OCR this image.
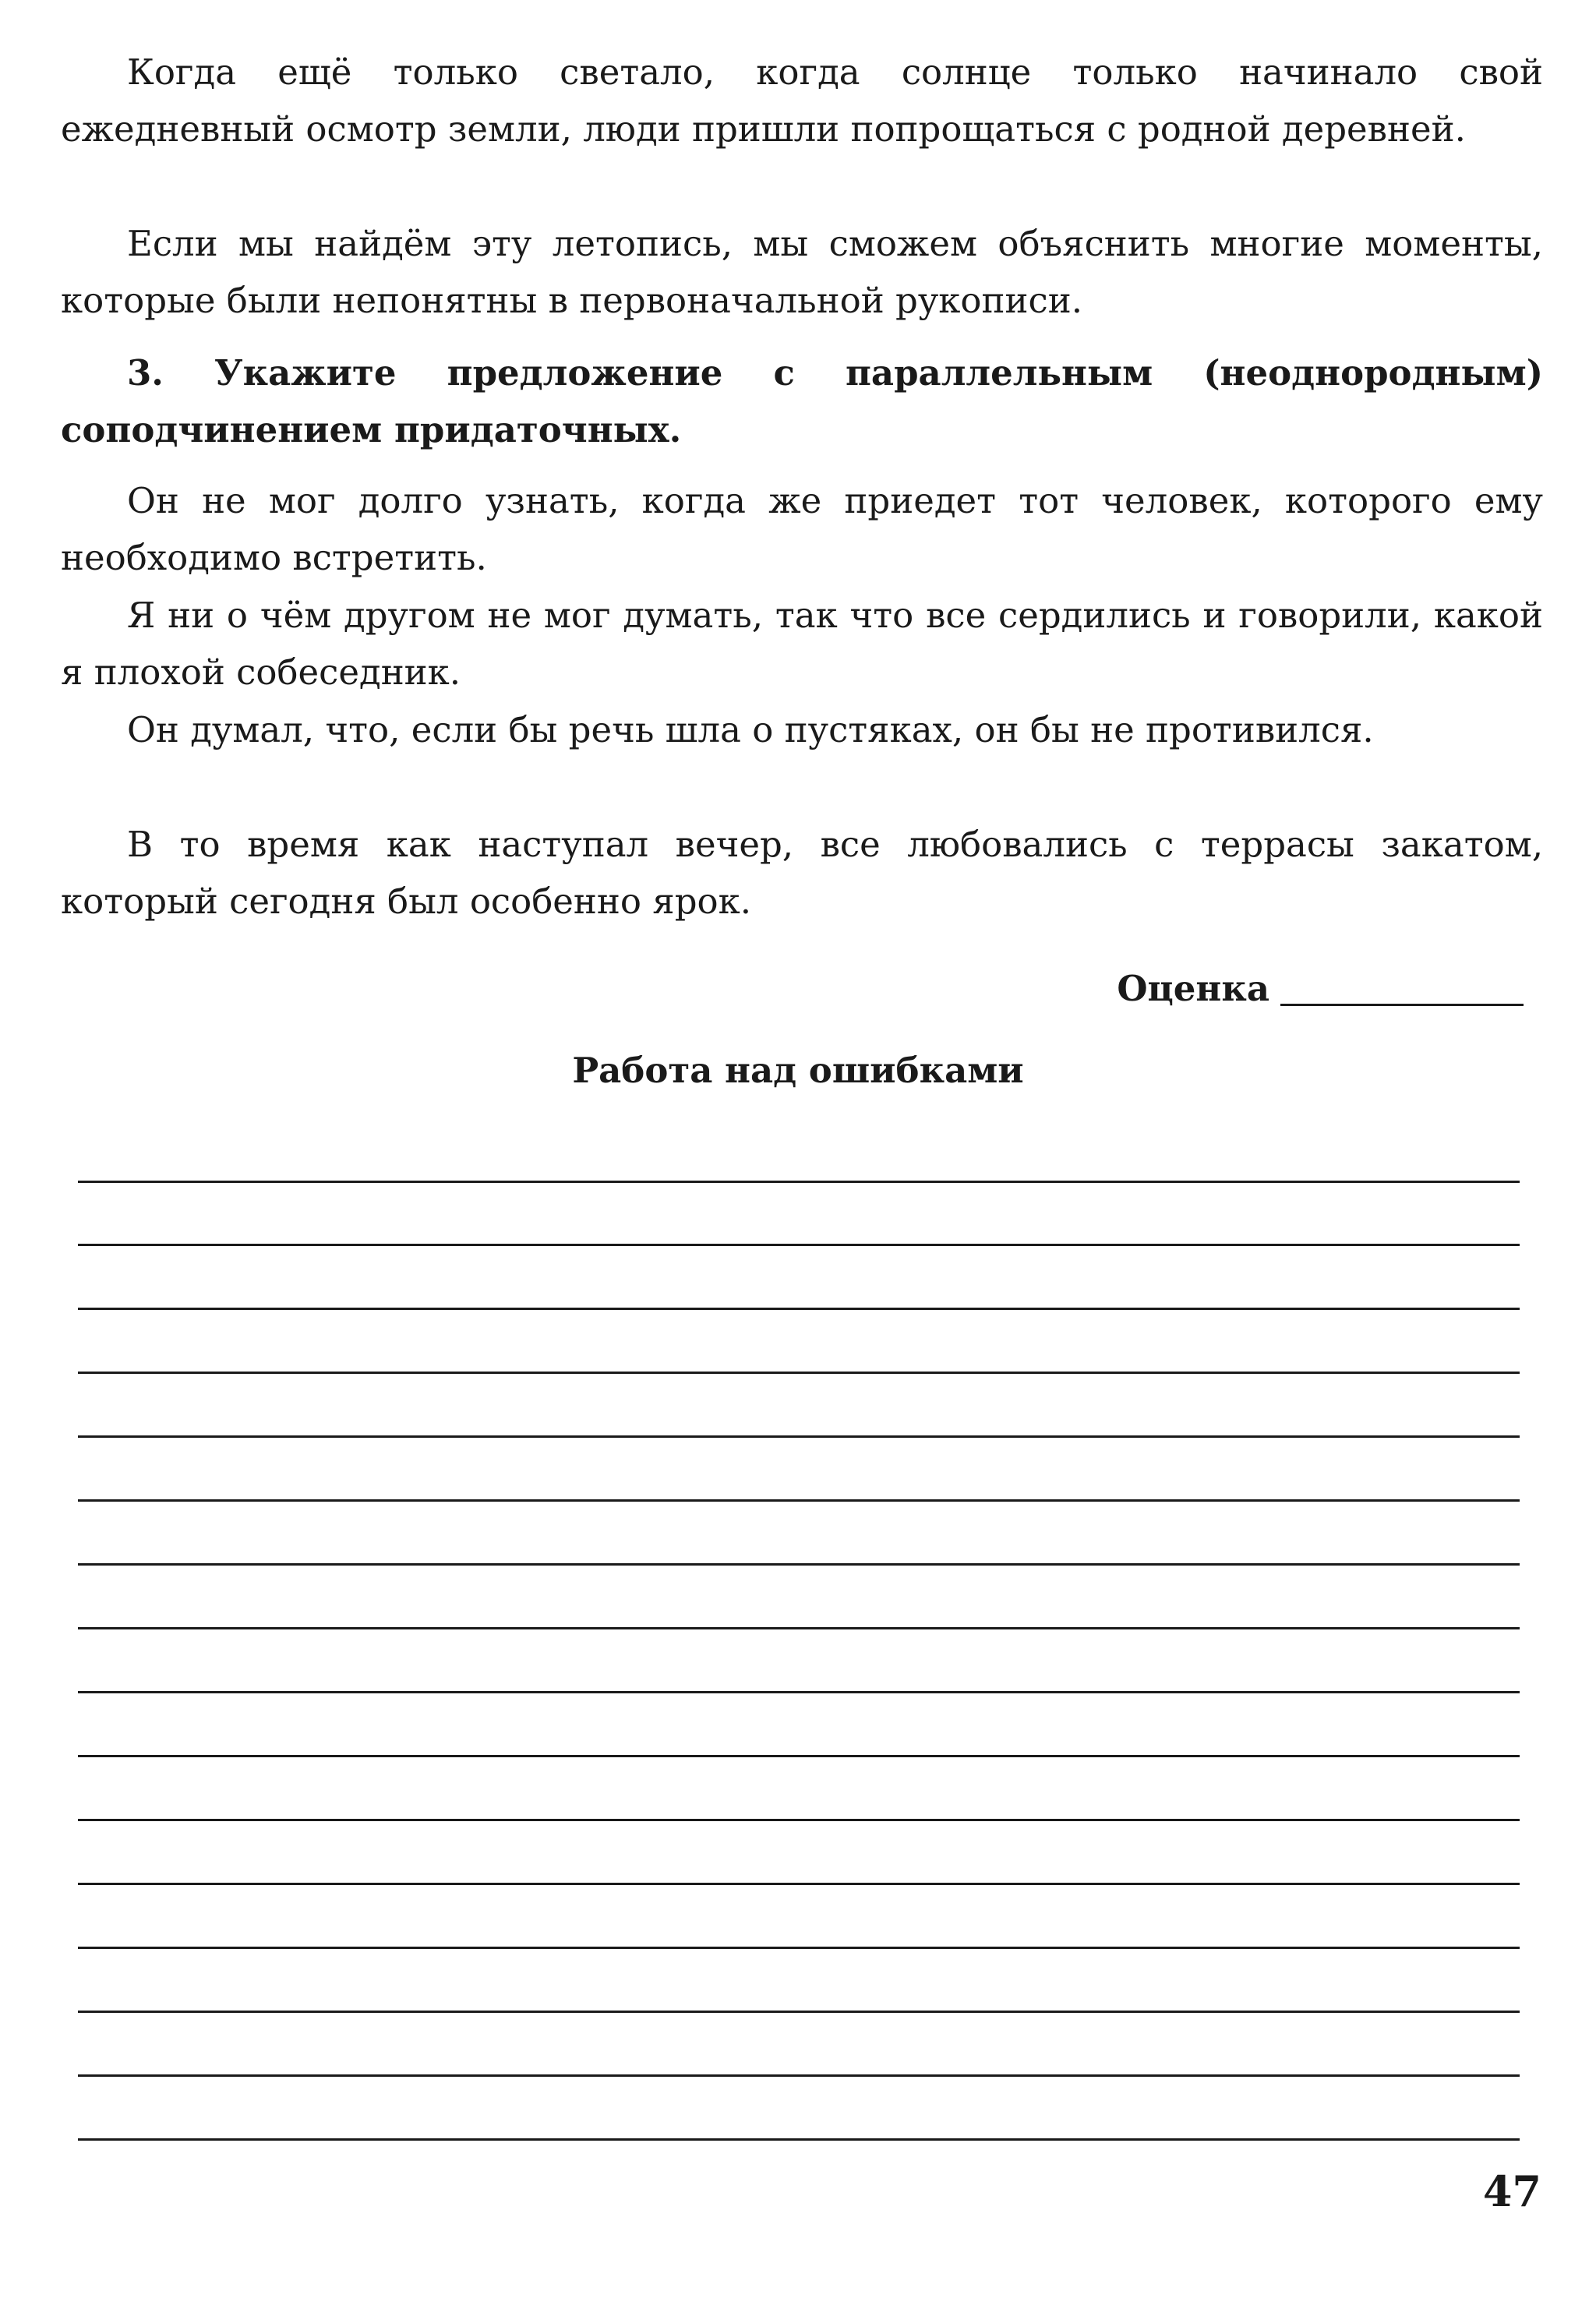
Когда ещё только светало, когда солнце только начинало свой ежедневный осмотр земли, люди пришли попрощаться с родной деревней.

Если мы найдём эту летопись, мы сможем объяснить многие моменты, которые были непонятны в первоначальной рукописи.

3. Укажите предложение с параллельным (неоднородным) соподчинением придаточных.

Он не мог долго узнать, когда же приедет тот человек, которого ему необходимо встретить.

Я ни о чём другом не мог думать, так что все сердились и говорили, какой я плохой собеседник.

Он думал, что, если бы речь шла о пустяках, он бы не противился.

В то время как наступал вечер, все любовались с террасы закатом, который сегодня был особенно ярок.

Оценка
Работа над ошибками
47
